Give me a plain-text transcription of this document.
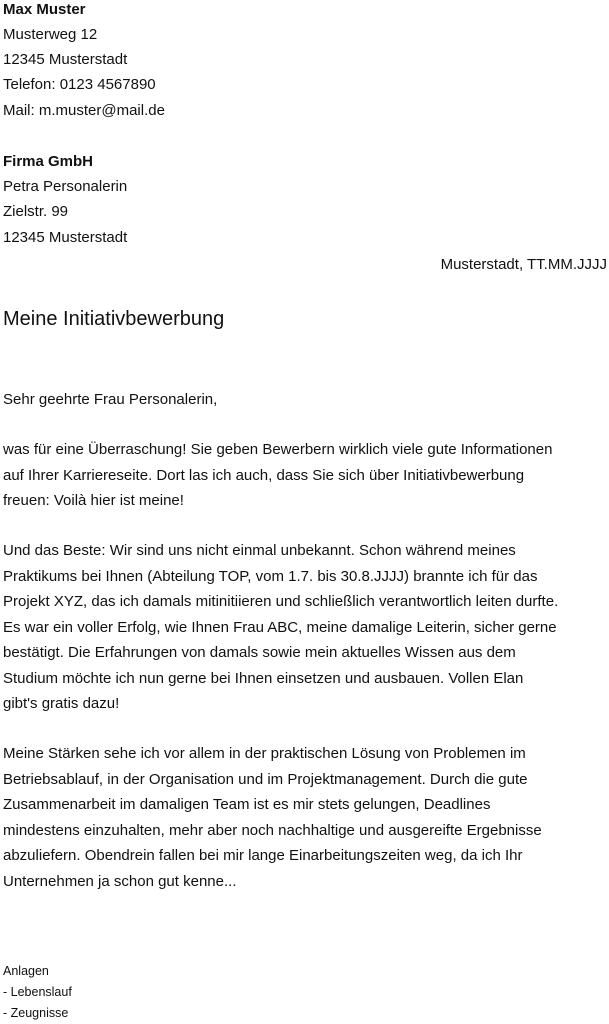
Max Muster
Musterweg 12
12345 Musterstadt
Telefon: 0123 4567890
Mail: m.muster@mail.de
Firma GmbH
Petra Personalerin
Zielstr. 99
12345 Musterstadt
Musterstadt, TT.MM.JJJJ
Meine Initiativbewerbung
Sehr geehrte Frau Personalerin,
was für eine Überraschung! Sie geben Bewerbern wirklich viele gute Informationen
auf Ihrer Karriereseite. Dort las ich auch, dass Sie sich über Initiativbewerbung
freuen: Voilà hier ist meine!
Und das Beste: Wir sind uns nicht einmal unbekannt. Schon während meines
Praktikums bei Ihnen (Abteilung TOP, vom 1.7. bis 30.8.JJJJ) brannte ich für das
Projekt XYZ, das ich damals mitinitiieren und schließlich verantwortlich leiten durfte.
Es war ein voller Erfolg, wie Ihnen Frau ABC, meine damalige Leiterin, sicher gerne
bestätigt. Die Erfahrungen von damals sowie mein aktuelles Wissen aus dem
Studium möchte ich nun gerne bei Ihnen einsetzen und ausbauen. Vollen Elan
gibt's gratis dazu!
Meine Stärken sehe ich vor allem in der praktischen Lösung von Problemen im
Betriebsablauf, in der Organisation und im Projektmanagement. Durch die gute
Zusammenarbeit im damaligen Team ist es mir stets gelungen, Deadlines
mindestens einzuhalten, mehr aber noch nachhaltige und ausgereifte Ergebnisse
abzuliefern. Obendrein fallen bei mir lange Einarbeitungszeiten weg, da ich Ihr
Unternehmen ja schon gut kenne...
Anlagen
- Lebenslauf
- Zeugnisse
